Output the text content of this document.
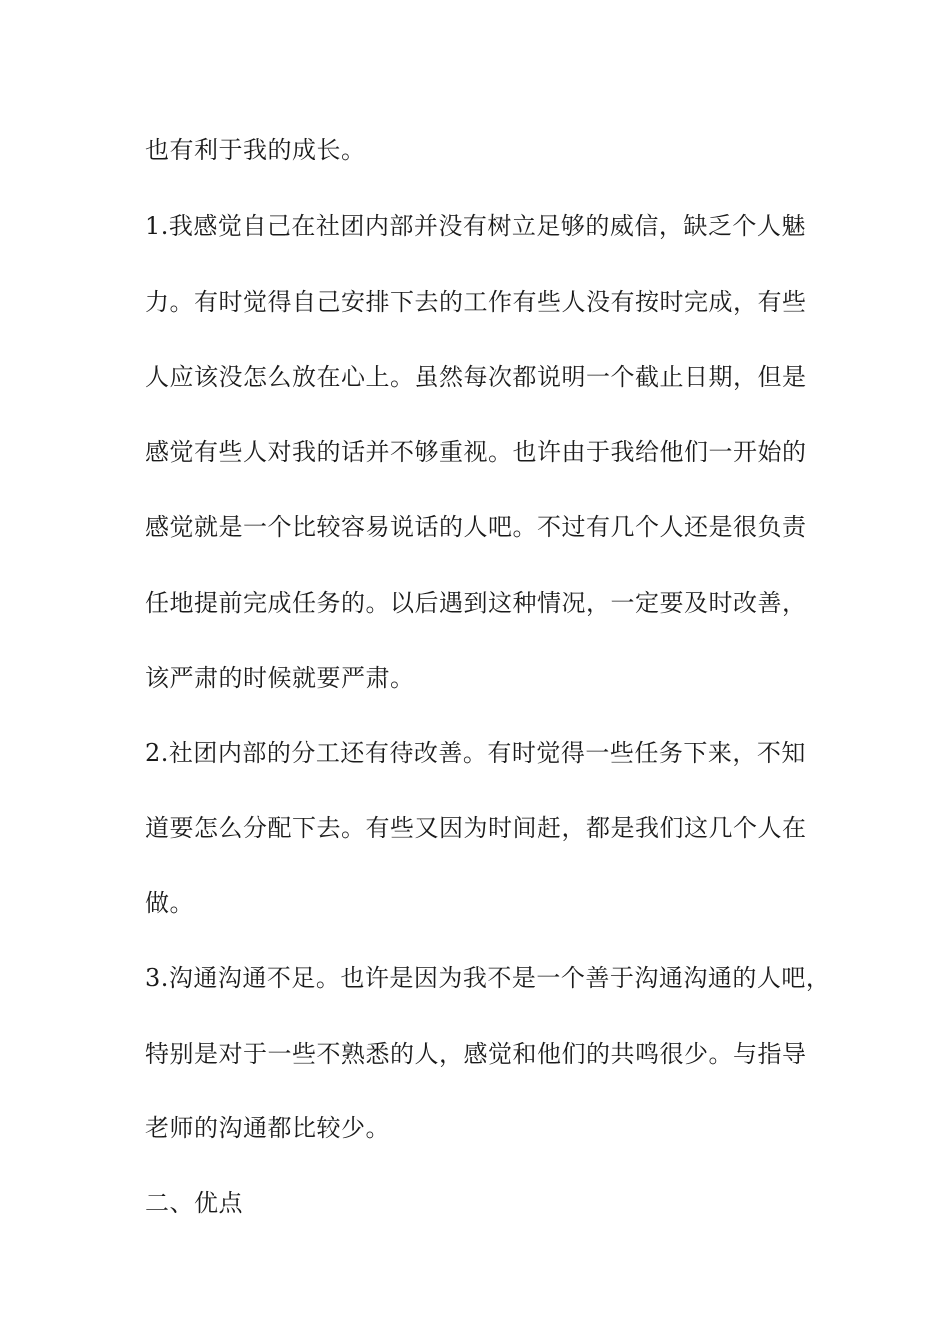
也有利于我的成长。
1.我感觉自己在社团内部并没有树立足够的威信，缺乏个人魅
力。有时觉得自己安排下去的工作有些人没有按时完成，有些
人应该没怎么放在心上。虽然每次都说明一个截止日期，但是
感觉有些人对我的话并不够重视。也许由于我给他们一开始的
感觉就是一个比较容易说话的人吧。不过有几个人还是很负责
任地提前完成任务的。以后遇到这种情况，一定要及时改善，
该严肃的时候就要严肃。
2.社团内部的分工还有待改善。有时觉得一些任务下来，不知
道要怎么分配下去。有些又因为时间赶，都是我们这几个人在
做。
3.沟通沟通不足。也许是因为我不是一个善于沟通沟通的人吧，
特别是对于一些不熟悉的人，感觉和他们的共鸣很少。与指导
老师的沟通都比较少。
二、优点
